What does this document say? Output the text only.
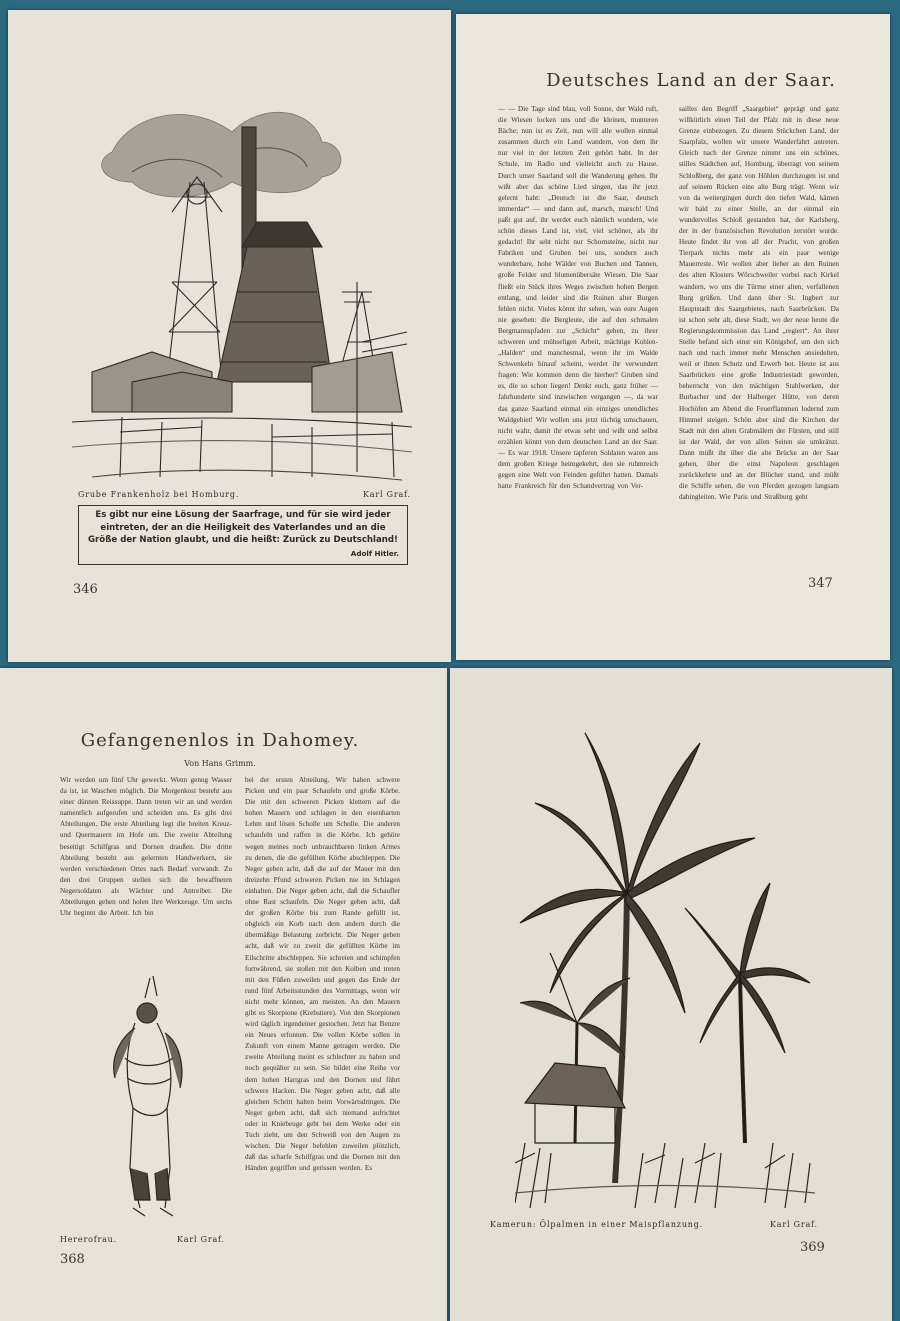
Grube Frankenholz bei Homburg.	Karl Graf.
Es gibt nur eine Lösung der Saarfrage, und für sie wird jeder eintreten, der an die Heiligkeit des Vaterlandes und an die Größe der Nation glaubt, und die heißt: Zurück zu Deutschland!
Adolf Hitler.
346
Deutsches Land an der Saar.
— — Die Tage sind blau, voll Sonne, der Wald ruft, die Wiesen locken uns und die kleinen, munteren Bäche; nun ist es Zeit, nun will alle wollen einmal zusammen durch ein Land wandern, von dem ihr nur viel in der letzten Zeit gehört habt. In der Schule, im Radio und vielleicht auch zu Hause. Durch unser Saarland soll die Wanderung gehen. Ihr wißt aber das schöne Lied singen, das ihr jetzt gelernt habt: „Deutsch ist die Saar, deutsch immerdar“ — und dann auf, marsch, marsch! Und paßt gut auf, ihr werdet euch nämlich wundern, wie schön dieses Land ist, viel, viel schöner, als ihr gedacht! Ihr seht nicht nur Schornsteine, nicht nur Fabriken und Gruben bei uns, sondern auch wunderbare, hohe Wälder von Buchen und Tannen, große Felder und blumenübersäte Wiesen. Die Saar fließt ein Stück ihres Weges zwischen hohen Bergen entlang, und leider sind die Ruinen alter Burgen fehlen nicht. Vieles könnt ihr sehen, was eure Augen nie gesehen: die Bergleute, die auf den schmalen Bergmannspfaden zur „Schicht“ gehen, zu ihrer schweren und mühseligen Arbeit, mächtige Kohlen-„Halden“ und manchesmal, wenn ihr im Walde Schwenkeln hinauf scheint, werdet ihr verwundert fragen: Wie kommen denn die hierher? Gruben sind es, die so schon liegen! Denkt euch, ganz früher — Jahrhunderte sind inzwischen vergangen —, da war das ganze Saarland einmal ein einziges unendliches Waldgebiet! Wir wollen uns jetzt tüchtig umschauen, nicht wahr, damit ihr etwas seht und wißt und selbst erzählen könnt von dem deutschen Land an der Saar. — Es war 1918. Unsere tapferen Soldaten waren aus dem großen Kriege heimgekehrt, den sie ruhmreich gegen eine Welt von Feinden geführt hatten. Damals hatte Frankreich für den Schandvertrag von Ver-
sailles den Begriff „Saargebiet“ geprägt und ganz willkürlich einen Teil der Pfalz mit in diese neue Grenze einbezogen. Zu diesem Stückchen Land, der Saarpfalz, wollen wir unsere Wanderfahrt antreten. Gleich nach der Grenze nimmt uns ein schönes, stilles Städtchen auf, Homburg, überragt von seinem Schloßberg, der ganz von Höhlen durchzogen ist und auf seinem Rücken eine alte Burg trägt. Wenn wir von da weitergingen durch den tiefen Wald, kämen wir bald zu einer Stelle, an der einmal ein wundervolles Schloß gestanden hat, der Karlsberg, der in der französischen Revolution zerstört wurde. Heute findet ihr von all der Pracht, von großen Tierpark nichts mehr als ein paar wenige Mauerreste. Wir wollen aber lieber an den Ruinen des alten Klosters Wörschweiler vorbei nach Kirkel wandern, wo uns die Türme einer alten, verfallenen Burg grüßen. Und dann über St. Ingbert zur Hauptstadt des Saargebietes, nach Saarbrücken. Da ist schon sehr alt, diese Stadt, wo der neue heute die Regierungskommission das Land „regiert“. An ihrer Stelle befand sich einst ein Königshof, um den sich nach und nach immer mehr Menschen ansiedelten, weil er ihnen Schutz und Erwerb bot. Heute ist aus Saarbrücken eine große Industriestadt geworden, beherrscht von den mächtigen Stahlwerken, der Burbacher und der Halberger Hütte, von deren Hochöfen am Abend die Feuerflammen lodernd zum Himmel steigen. Schön aber sind die Kirchen der Stadt mit den alten Grabmälern der Fürsten, und still ist der Wald, der von allen Seiten sie umkränzt. Dann müßt ihr über die alte Brücke an der Saar gehen, über die einst Napoleon geschlagen zurückkehrte und an der Blücher stand, und müßt die Schiffe sehen, die von Pferden gezogen langsam dahingleiten. Wie Paris und Straßburg geht
347
Gefangenenlos in Dahomey.
Von Hans Grimm.
Wir werden um fünf Uhr geweckt. Wenn genug Wasser da ist, ist Waschen möglich. Die Morgenkost besteht aus einer dünnen Reissuppe. Dann treten wir an und werden namentlich aufgerufen und scheiden uns. Es gibt drei Abteilungen. Die erste Abteilung legt die breiten Kreuz- und Quermauern im Hofe um. Die zweite Abteilung beseitigt Schilfgras und Dornen draußen. Die dritte Abteilung besteht aus gelernten Handwerkern, sie werden verschiedenen Ortes nach Bedarf verwandt. Zu den drei Gruppen stellen sich die bewaffneten Negersoldaten als Wächter und Antreiber. Die Abteilungen gehen und holen ihre Werkzeuge. Um sechs Uhr beginnt die Arbeit. Ich bin
bei der ersten Abteilung. Wir haben schwere Picken und ein paar Schaufeln und große Körbe. Die mit den schweren Picken klettern auf die hohen Mauern und schlagen in den eisenharten Lehm und lösen Scholle um Scholle. Die anderen schaufeln und raffen in die Körbe. Ich gehöre wegen meines noch unbrauchbaren linken Armes zu denen, die die gefüllten Körbe abschleppen. Die Neger geben acht, daß die auf der Mauer mit den dreizehn Pfund schweren Picken nie im Schlagen einhalten. Die Neger geben acht, daß die Schaufler ohne Rast schaufeln. Die Neger geben acht, daß der großen Körbe bis zum Rande gefüllt ist, obgleich ein Korb nach dem andern durch die übermäßige Belastung zerbricht. Die Neger geben acht, daß wir zu zweit die gefüllten Körbe im Eilschritte abschleppen. Sie schreien und schimpfen fortwährend, sie stoßen mit den Kolben und treten mit den Füßen zuweilen und gegen das Ende der rund fünf Arbeitsstunden des Vormittags, wenn wir nicht mehr können, am meisten. An den Mauern gibt es Skorpione (Krebstiere). Von den Skorpionen wird täglich irgendeiner gestochen. Jetzt hat Benzre ein Neues erfonnen. Die vollen Körbe sollen in Zukunft von einem Manne getragen werden. Die zweite Abteilung meint es schlechter zu haben und noch gequälter zu sein. Sie bildet eine Reihe vor dem hohen Hartgras und den Dornen und führt schwere Hacken. Die Neger geben acht, daß alle gleichen Schritt halten beim Vorwärtsdringen. Die Neger geben acht, daß sich niemand aufrichtet oder in Kniebeuge geht bei dem Werke oder ein Tuch zieht, um den Schweiß von den Augen zu wischen. Die Neger befehlen zuweilen plötzlich, daß das scharfe Schilfgras und die Dornen mit den Händen gegriffen und gerissen werden. Es
Hererofrau.	Karl Graf.
368
Kamerun: Ölpalmen in einer Maispflanzung.	Karl Graf.
369
